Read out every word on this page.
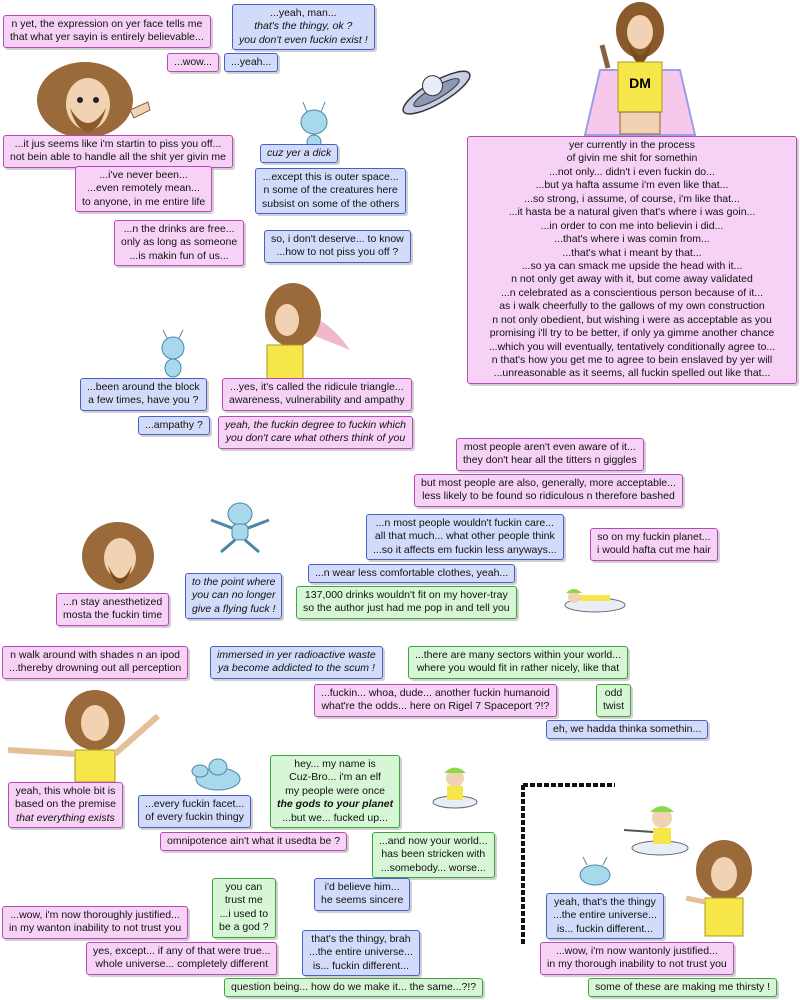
DM
n yet, the expression on yer face tells me
that what yer sayin is entirely believable...
...yeah, man...
that's the thingy, ok ?
you don't even fuckin exist !
...wow... ...yeah...
...it jus seems like i'm startin to piss you off...
not bein able to handle all the shit yer givin me	cuz yer a dick
...i've never been...
...even remotely mean...
to anyone, in me entire life
...except this is outer space...
n some of the creatures here
subsist on some of the others
...n the drinks are free...
only as long as someone
...is makin fun of us...
so, i don't deserve... to know
...how to not piss you off ?
yer currently in the process
of givin me shit for somethin
...not only... didn't i even fuckin do...
...but ya hafta assume i'm even like that...
...so strong, i assume, of course, i'm like that...
...it hasta be a natural given that's where i was goin...
...in order to con me into believin i did...
...that's where i was comin from...
...that's what i meant by that...
...so ya can smack me upside the head with it...
n not only get away with it, but come away validated
...n celebrated as a conscientious person because of it...
as i walk cheerfully to the gallows of my own construction
n not only obedient, but wishing i were as acceptable as you
promising i'll try to be better, if only ya gimme another chance
...which you will eventually, tentatively conditionally agree to...
n that's how you get me to agree to bein enslaved by yer will
...unreasonable as it seems, all fuckin spelled out like that...
...been around the block
a few times, have you ?
...yes, it's called the ridicule triangle...
awareness, vulnerability and ampathy
...ampathy ? yeah, the fuckin degree to fuckin which
you don't care what others think of you
most people aren't even aware of it...
they don't hear all the titters n giggles
but most people are also, generally, more acceptable...
less likely to be found so ridiculous n therefore bashed
...n most people wouldn't fuckin care...
all that much... what other people think
...so it affects em fuckin less anyways...
so on my fuckin planet...
i would hafta cut me hair
...n wear less comfortable clothes, yeah...
...n stay anesthetized
mosta the fuckin time
to the point where
you can no longer
give a flying fuck !
137,000 drinks wouldn't fit on my hover-tray
so the author just had me pop in and tell you
n walk around with shades n an ipod
...thereby drowning out all perception
immersed in yer radioactive waste
ya become addicted to the scum !
...there are many sectors within your world...
where you would fit in rather nicely, like that
...fuckin... whoa, dude... another fuckin humanoid
what're the odds... here on Rigel 7 Spaceport ?!?
odd
twist
eh, we hadda thinka somethin...
yeah, this whole bit is
based on the premise
that everything exists
...every fuckin facet...
of every fuckin thingy
hey... my name is
Cuz-Bro... i'm an elf
my people were once
the gods to your planet
...but we... fucked up...
omnipotence ain't what it usedta be ?	...and now your world...
has been stricken with
...somebody... worse...
you can
trust me
...i used to
be a god ?
i'd believe him...
he seems sincere
...wow, i'm now thoroughly justified...
in my wanton inability to not trust you
yeah, that's the thingy
...the entire universe...
is... fuckin different...
yes, except... if any of that were true...
whole universe... completely different
that's the thingy, brah
...the entire universe...
is... fuckin different...
...wow, i'm now wantonly justified...
in my thorough inability to not trust you
question being... how do we make it... the same...?!?	some of these are making me thirsty !
